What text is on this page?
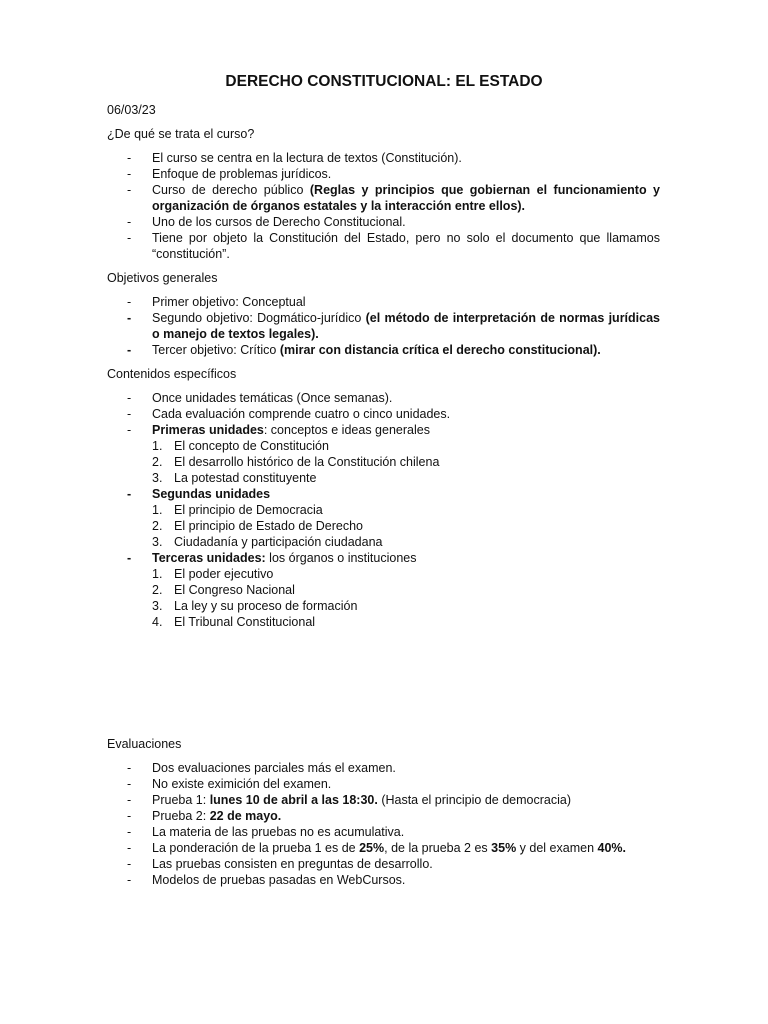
DERECHO CONSTITUCIONAL: EL ESTADO

06/03/23

¿De qué se trata el curso?

- El curso se centra en la lectura de textos (Constitución).
- Enfoque de problemas jurídicos.
- Curso de derecho público (Reglas y principios que gobiernan el funcionamiento y organización de órganos estatales y la interacción entre ellos).
- Uno de los cursos de Derecho Constitucional.
- Tiene por objeto la Constitución del Estado, pero no solo el documento que llamamos “constitución”.

Objetivos generales

- Primer objetivo: Conceptual
- Segundo objetivo: Dogmático-jurídico (el método de interpretación de normas jurídicas o manejo de textos legales).
- Tercer objetivo: Crítico (mirar con distancia crítica el derecho constitucional).

Contenidos específicos

- Once unidades temáticas (Once semanas).
- Cada evaluación comprende cuatro o cinco unidades.
- Primeras unidades: conceptos e ideas generales
1. El concepto de Constitución
2. El desarrollo histórico de la Constitución chilena
3. La potestad constituyente
- Segundas unidades
1. El principio de Democracia
2. El principio de Estado de Derecho
3. Ciudadanía y participación ciudadana
- Terceras unidades: los órganos o instituciones
1. El poder ejecutivo
2. El Congreso Nacional
3. La ley y su proceso de formación
4. El Tribunal Constitucional

Evaluaciones

- Dos evaluaciones parciales más el examen.
- No existe eximición del examen.
- Prueba 1: lunes 10 de abril a las 18:30. (Hasta el principio de democracia)
- Prueba 2: 22 de mayo.
- La materia de las pruebas no es acumulativa.
- La ponderación de la prueba 1 es de 25%, de la prueba 2 es 35% y del examen 40%.
- Las pruebas consisten en preguntas de desarrollo.
- Modelos de pruebas pasadas en WebCursos.
